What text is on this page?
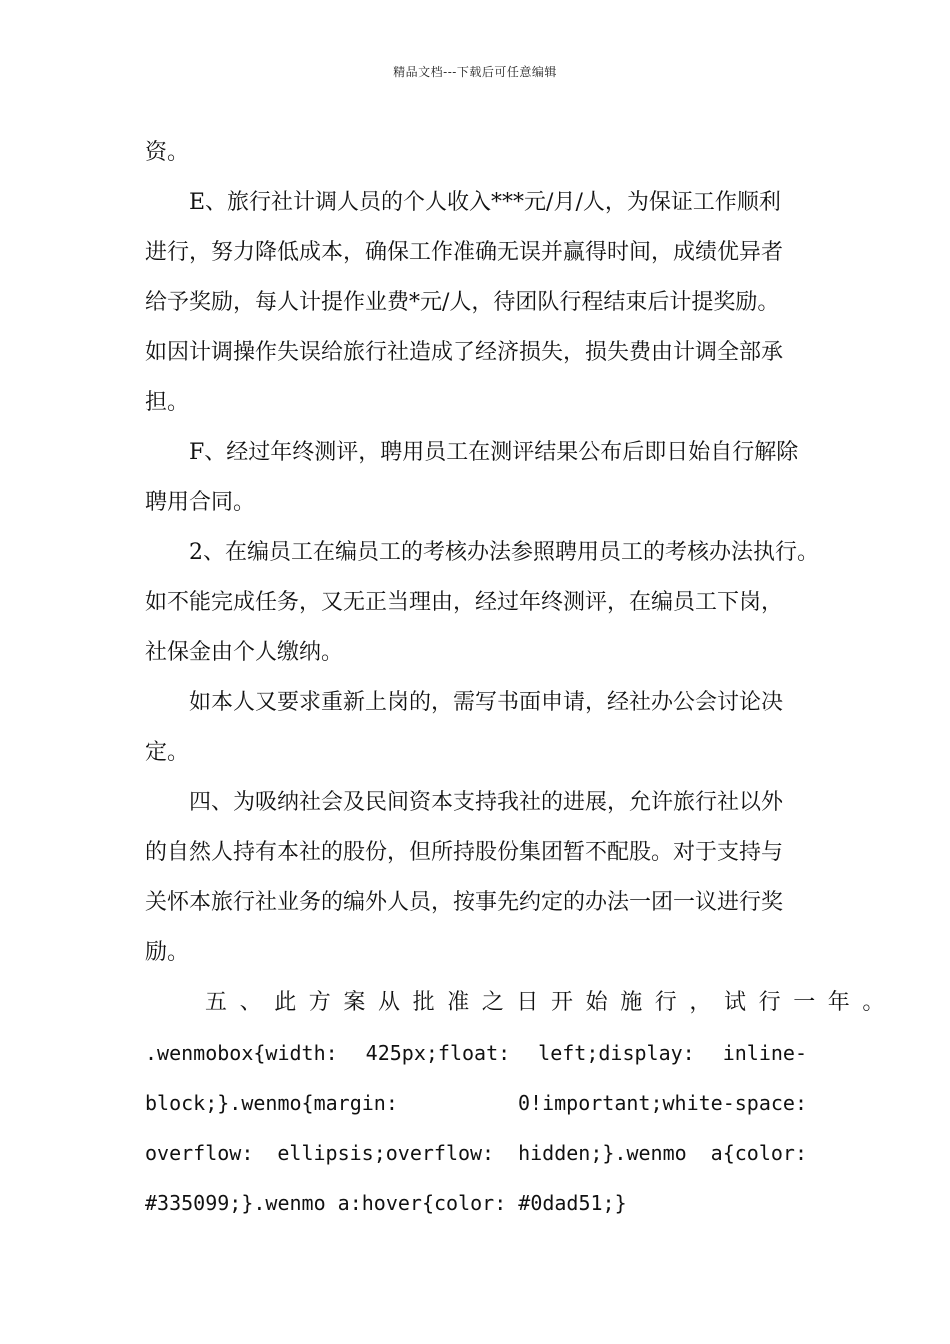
精品文档---下载后可任意编辑
资。
E、旅行社计调人员的个人收入***元/月/人，为保证工作顺利
进行，努力降低成本，确保工作准确无误并赢得时间，成绩优异者
给予奖励，每人计提作业费*元/人，待团队行程结束后计提奖励。
如因计调操作失误给旅行社造成了经济损失，损失费由计调全部承
担。
F、经过年终测评，聘用员工在测评结果公布后即日始自行解除
聘用合同。
2、在编员工在编员工的考核办法参照聘用员工的考核办法执行。
如不能完成任务，又无正当理由，经过年终测评，在编员工下岗，
社保金由个人缴纳。
如本人又要求重新上岗的，需写书面申请，经社办公会讨论决
定。
四、为吸纳社会及民间资本支持我社的进展，允许旅行社以外
的自然人持有本社的股份，但所持股份集团暂不配股。对于支持与
关怀本旅行社业务的编外人员，按事先约定的办法一团一议进行奖
励。
五、此方案从批准之日开始施行，试行一年。
.wenmobox{width: 425px;float: left;display: inline-
block;}.wenmo{margin: 0!important;white-space:
overflow: ellipsis;overflow: hidden;}.wenmo a{color:
#335099;}.wenmo a:hover{color: #0dad51;}
